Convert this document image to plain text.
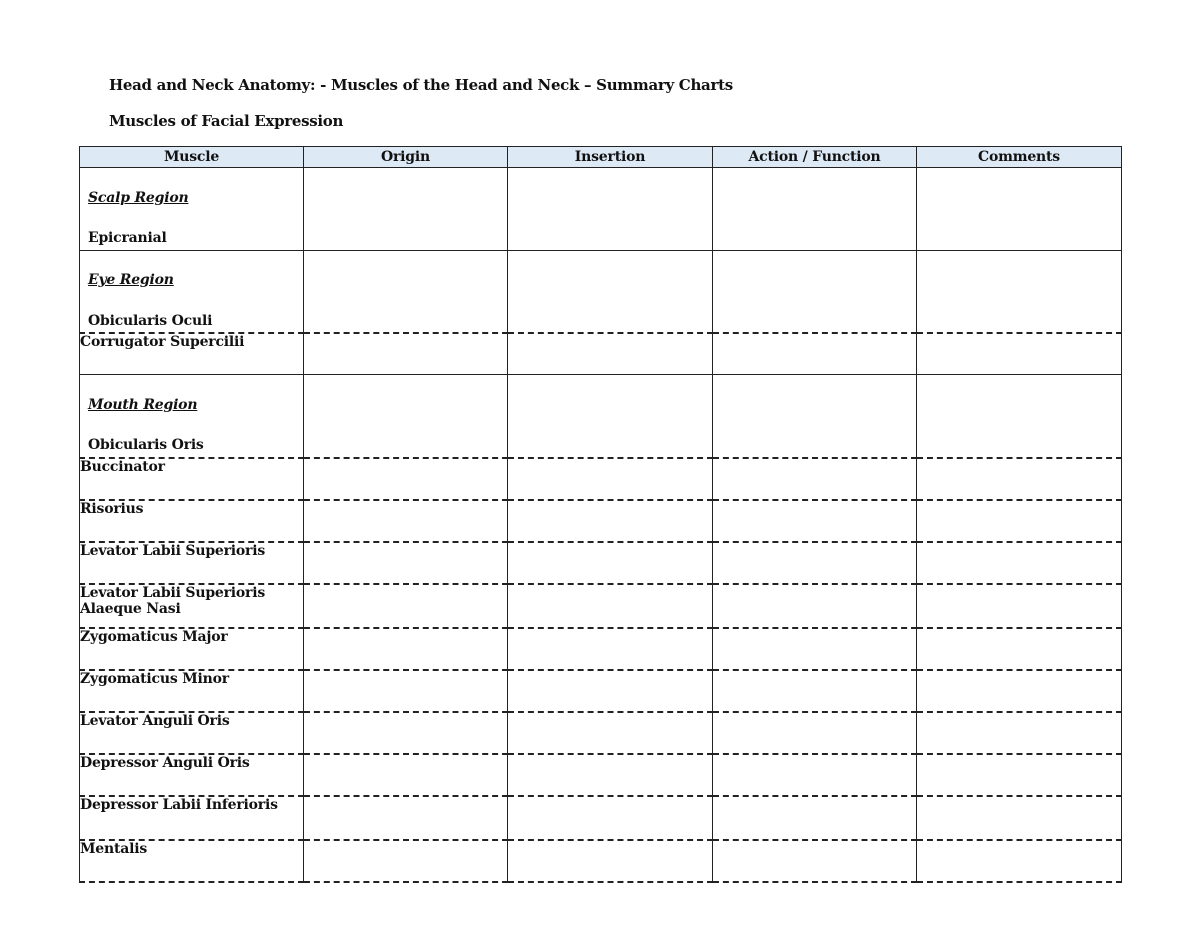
Head and Neck Anatomy: - Muscles of the Head and Neck – Summary Charts
Muscles of Facial Expression
Muscle	Origin	Insertion	Action / Function	Comments

Scalp Region
Epicranial				

Eye Region
Obicularis Oculi				

Corrugator Supercilii				

Mouth Region
Obicularis Oris				

Buccinator				
Risorius				
Levator Labii Superioris				
Levator Labii Superioris Alaeque Nasi				
Zygomaticus Major				
Zygomaticus Minor				
Levator Anguli Oris				
Depressor Anguli Oris				
Depressor Labii Inferioris				
Mentalis				
